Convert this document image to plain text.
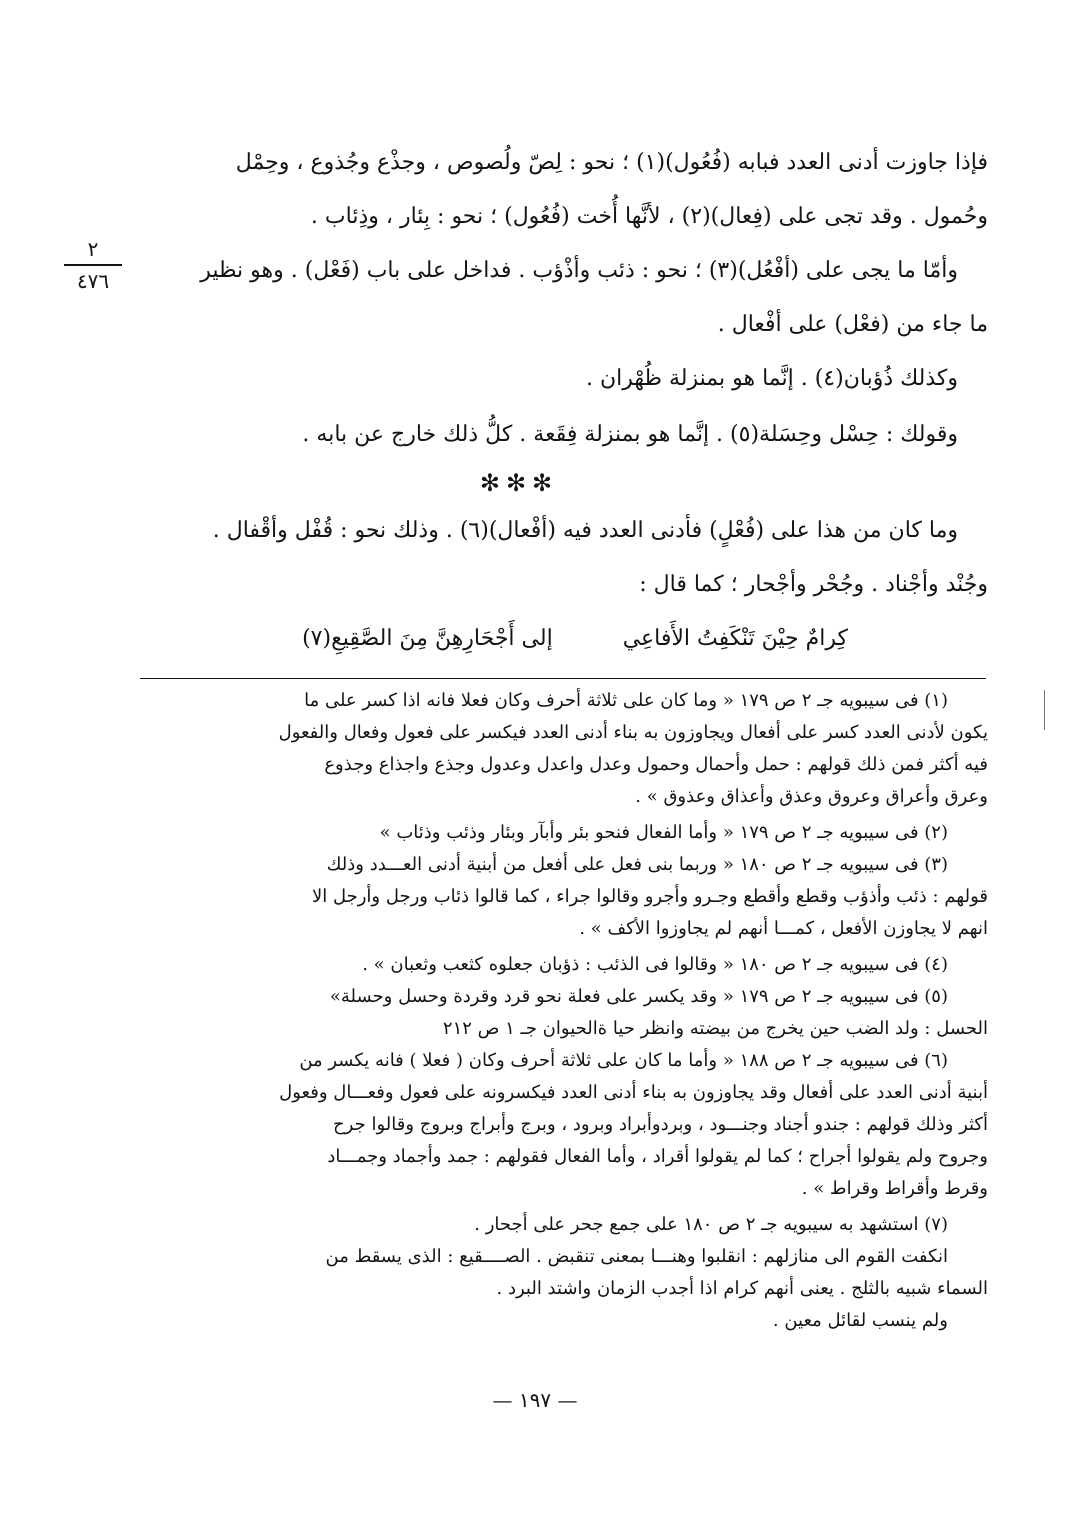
فإذا جاوزت أدنى العدد فبابه (فُعُول)(١) ؛ نحو : لِصّ ولُصوص ، وجذْع وجُذوع ، وحِمْل
وحُمول . وقد تجى على (فِعال)(٢) ، لأنَّها أُخت (فُعُول) ؛ نحو : بِئار ، وذِئاب .
وأمّا ما يجى على (أفْعُل)(٣) ؛ نحو : ذئب وأذْؤب . فداخل على باب (فَعْل) . وهو نظير
ما جاء من (فعْل) على أفْعال .
وكذلك ذُؤبان(٤) . إنَّما هو بمنزلة ظُهْران .
وقولك : حِسْل وحِسَلة(٥) . إنَّما هو بمنزلة فِقَعة . كلُّ ذلك خارج عن بابه .
✻✻✻
وما كان من هذا على (فُعْلٍ) فأدنى العدد فيه (أفْعال)(٦) . وذلك نحو : قُفْل وأقْفال .
وجُنْد وأجْناد . وجُحْر وأجْحار ؛ كما قال :
كِرامٌ حِيْنَ تَنْكَفِتُ الأَفاعِي
إلى أَجْحَارِهِنَّ مِنَ الصَّقِيعِ(٧)
٢
٤٧٦
(١) فى سيبويه جـ ٢ ص ١٧٩ « وما كان على ثلاثة أحرف وكان فعلا فانه اذا كسر على ما
يكون لأدنى العدد كسر على أفعال ويجاوزون به بناء أدنى العدد فيكسر على فعول وفعال والفعول
فيه أكثر فمن ذلك قولهم : حمل وأحمال وحمول وعدل واعدل وعدول وجذع واجذاع وجذوع
وعرق وأعراق وعروق وعذق وأعذاق وعذوق » .
(٢) فى سيبويه جـ ٢ ص ١٧٩ « وأما الفعال فنحو بئر وأبآر وبئار وذئب وذئاب »
(٣) فى سيبويه جـ ٢ ص ١٨٠ « وربما بنى فعل على أفعل من أبنية أدنى العـــدد وذلك
قولهم : ذئب وأذؤب وقطع وأقطع وجـرو وأجرو وقالوا جراء ، كما قالوا ذئاب ورجل وأرجل الا
انهم لا يجاوزن الأفعل ، كمـــا أنهم لم يجاوزوا الأكف » .
(٤) فى سيبويه جـ ٢ ص ١٨٠ « وقالوا فى الذئب : ذؤبان جعلوه كثعب وثعبان » .
(٥) فى سيبويه جـ ٢ ص ١٧٩ « وقد يكسر على فعلة نحو قرد وقردة وحسل وحسلة»
الحسل : ولد الضب حين يخرج من بيضته وانظر حيا ةالحيوان جـ ١ ص ٢١٢
(٦) فى سيبويه جـ ٢ ص ١٨٨ « وأما ما كان على ثلاثة أحرف وكان ( فعلا ) فانه يكسر من
أبنية أدنى العدد على أفعال وقد يجاوزون به بناء أدنى العدد فيكسرونه على فعول وفعـــال وفعول
أكثر وذلك قولهم : جندو أجناد وجنـــود ، وبردوأبراد وبرود ، وبرج وأبراج وبروج وقالوا جرح
وجروح ولم يقولوا أجراح ؛ كما لم يقولوا أقراد ، وأما الفعال فقولهم : جمد وأجماد وجمـــاد
وقرط وأقراط وقراط » .
(٧) استشهد به سيبويه جـ ٢ ص ١٨٠ على جمع جحر على أجحار .
انكفت القوم الى منازلهم : انقلبوا وهنـــا بمعنى تنقبض . الصــــقيع : الذى يسقط من
السماء شبيه بالثلج . يعنى أنهم كرام اذا أجدب الزمان واشتد البرد .
ولم ينسب لقائل معين .
— ١٩٧ —
